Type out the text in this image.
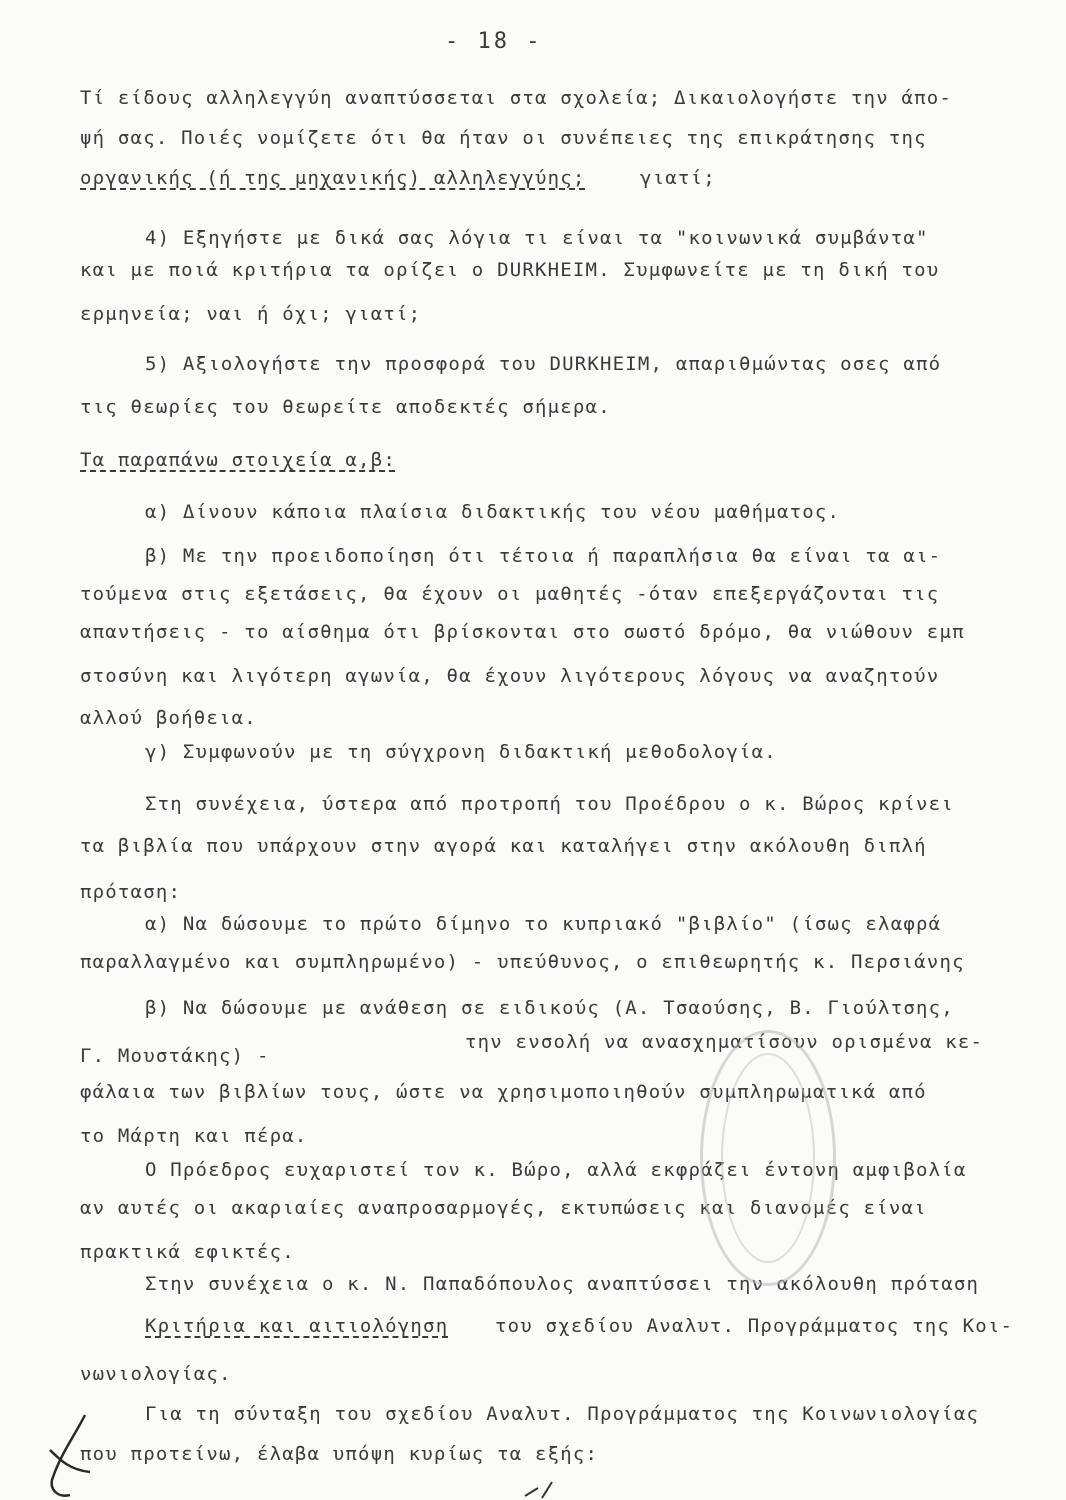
- 18 -
Τί είδους αλληλεγγύη αναπτύσσεται στα σχολεία; Δικαιολογήστε την άπο-
ψή σας. Ποιές νομίζετε ότι θα ήταν οι συνέπειες της επικράτησης της
οργανικής (ή της μηχανικής) αλληλεγγύης;	γιατί;
4) Εξηγήστε με δικά σας λόγια τι είναι τα "κοινωνικά συμβάντα"
και με ποιά κριτήρια τα ορίζει ο DURKHEIM. Συμφωνείτε με τη δική του
ερμηνεία; ναι ή όχι; γιατί;
5) Αξιολογήστε την προσφορά του DURKHEIM, απαριθμώντας οσες από
τις θεωρίες του θεωρείτε αποδεκτές σήμερα.
Τα παραπάνω στοιχεία α,β:
α) Δίνουν κάποια πλαίσια διδακτικής του νέου μαθήματος.
β) Με την προειδοποίηση ότι τέτοια ή παραπλήσια θα είναι τα αι-
τούμενα στις εξετάσεις, θα έχουν οι μαθητές -όταν επεξεργάζονται τις
απαντήσεις - το αίσθημα ότι βρίσκονται στο σωστό δρόμο, θα νιώθουν εμπ
στοσύνη και λιγότερη αγωνία, θα έχουν λιγότερους λόγους να αναζητούν
αλλού βοήθεια.
γ) Συμφωνούν με τη σύγχρονη διδακτική μεθοδολογία.
Στη συνέχεια, ύστερα από προτροπή του Προέδρου ο κ. Βώρος κρίνει
τα βιβλία που υπάρχουν στην αγορά και καταλήγει στην ακόλουθη διπλή
πρόταση:
α) Να δώσουμε το πρώτο δίμηνο το κυπριακό "βιβλίο" (ίσως ελαφρά
παραλλαγμένο και συμπληρωμένο) - υπεύθυνος, ο επιθεωρητής κ. Περσιάνης
β) Να δώσουμε με ανάθεση σε ειδικούς (Α. Τσαούσης, Β. Γιούλτσης,
Γ. Μουστάκης) -
την ενσολή να ανασχηματίσουν ορισμένα κε-
φάλαια των βιβλίων τους, ώστε να χρησιμοποιηθούν συμπληρωματικά από
το Μάρτη και πέρα.
Ο Πρόεδρος ευχαριστεί τον κ. Βώρο, αλλά εκφράζει έντονη αμφιβολία
αν αυτές οι ακαριαίες αναπροσαρμογές, εκτυπώσεις και διανομές είναι
πρακτικά εφικτές.
Στην συνέχεια ο κ. Ν. Παπαδόπουλος αναπτύσσει την ακόλουθη πρόταση
Κριτήρια και αιτιολόγηση του σχεδίου Αναλυτ. Προγράμματος της Κοι-
νωνιολογίας.
Για τη σύνταξη του σχεδίου Αναλυτ. Προγράμματος της Κοινωνιολογίας
που προτείνω, έλαβα υπόψη κυρίως τα εξής:
